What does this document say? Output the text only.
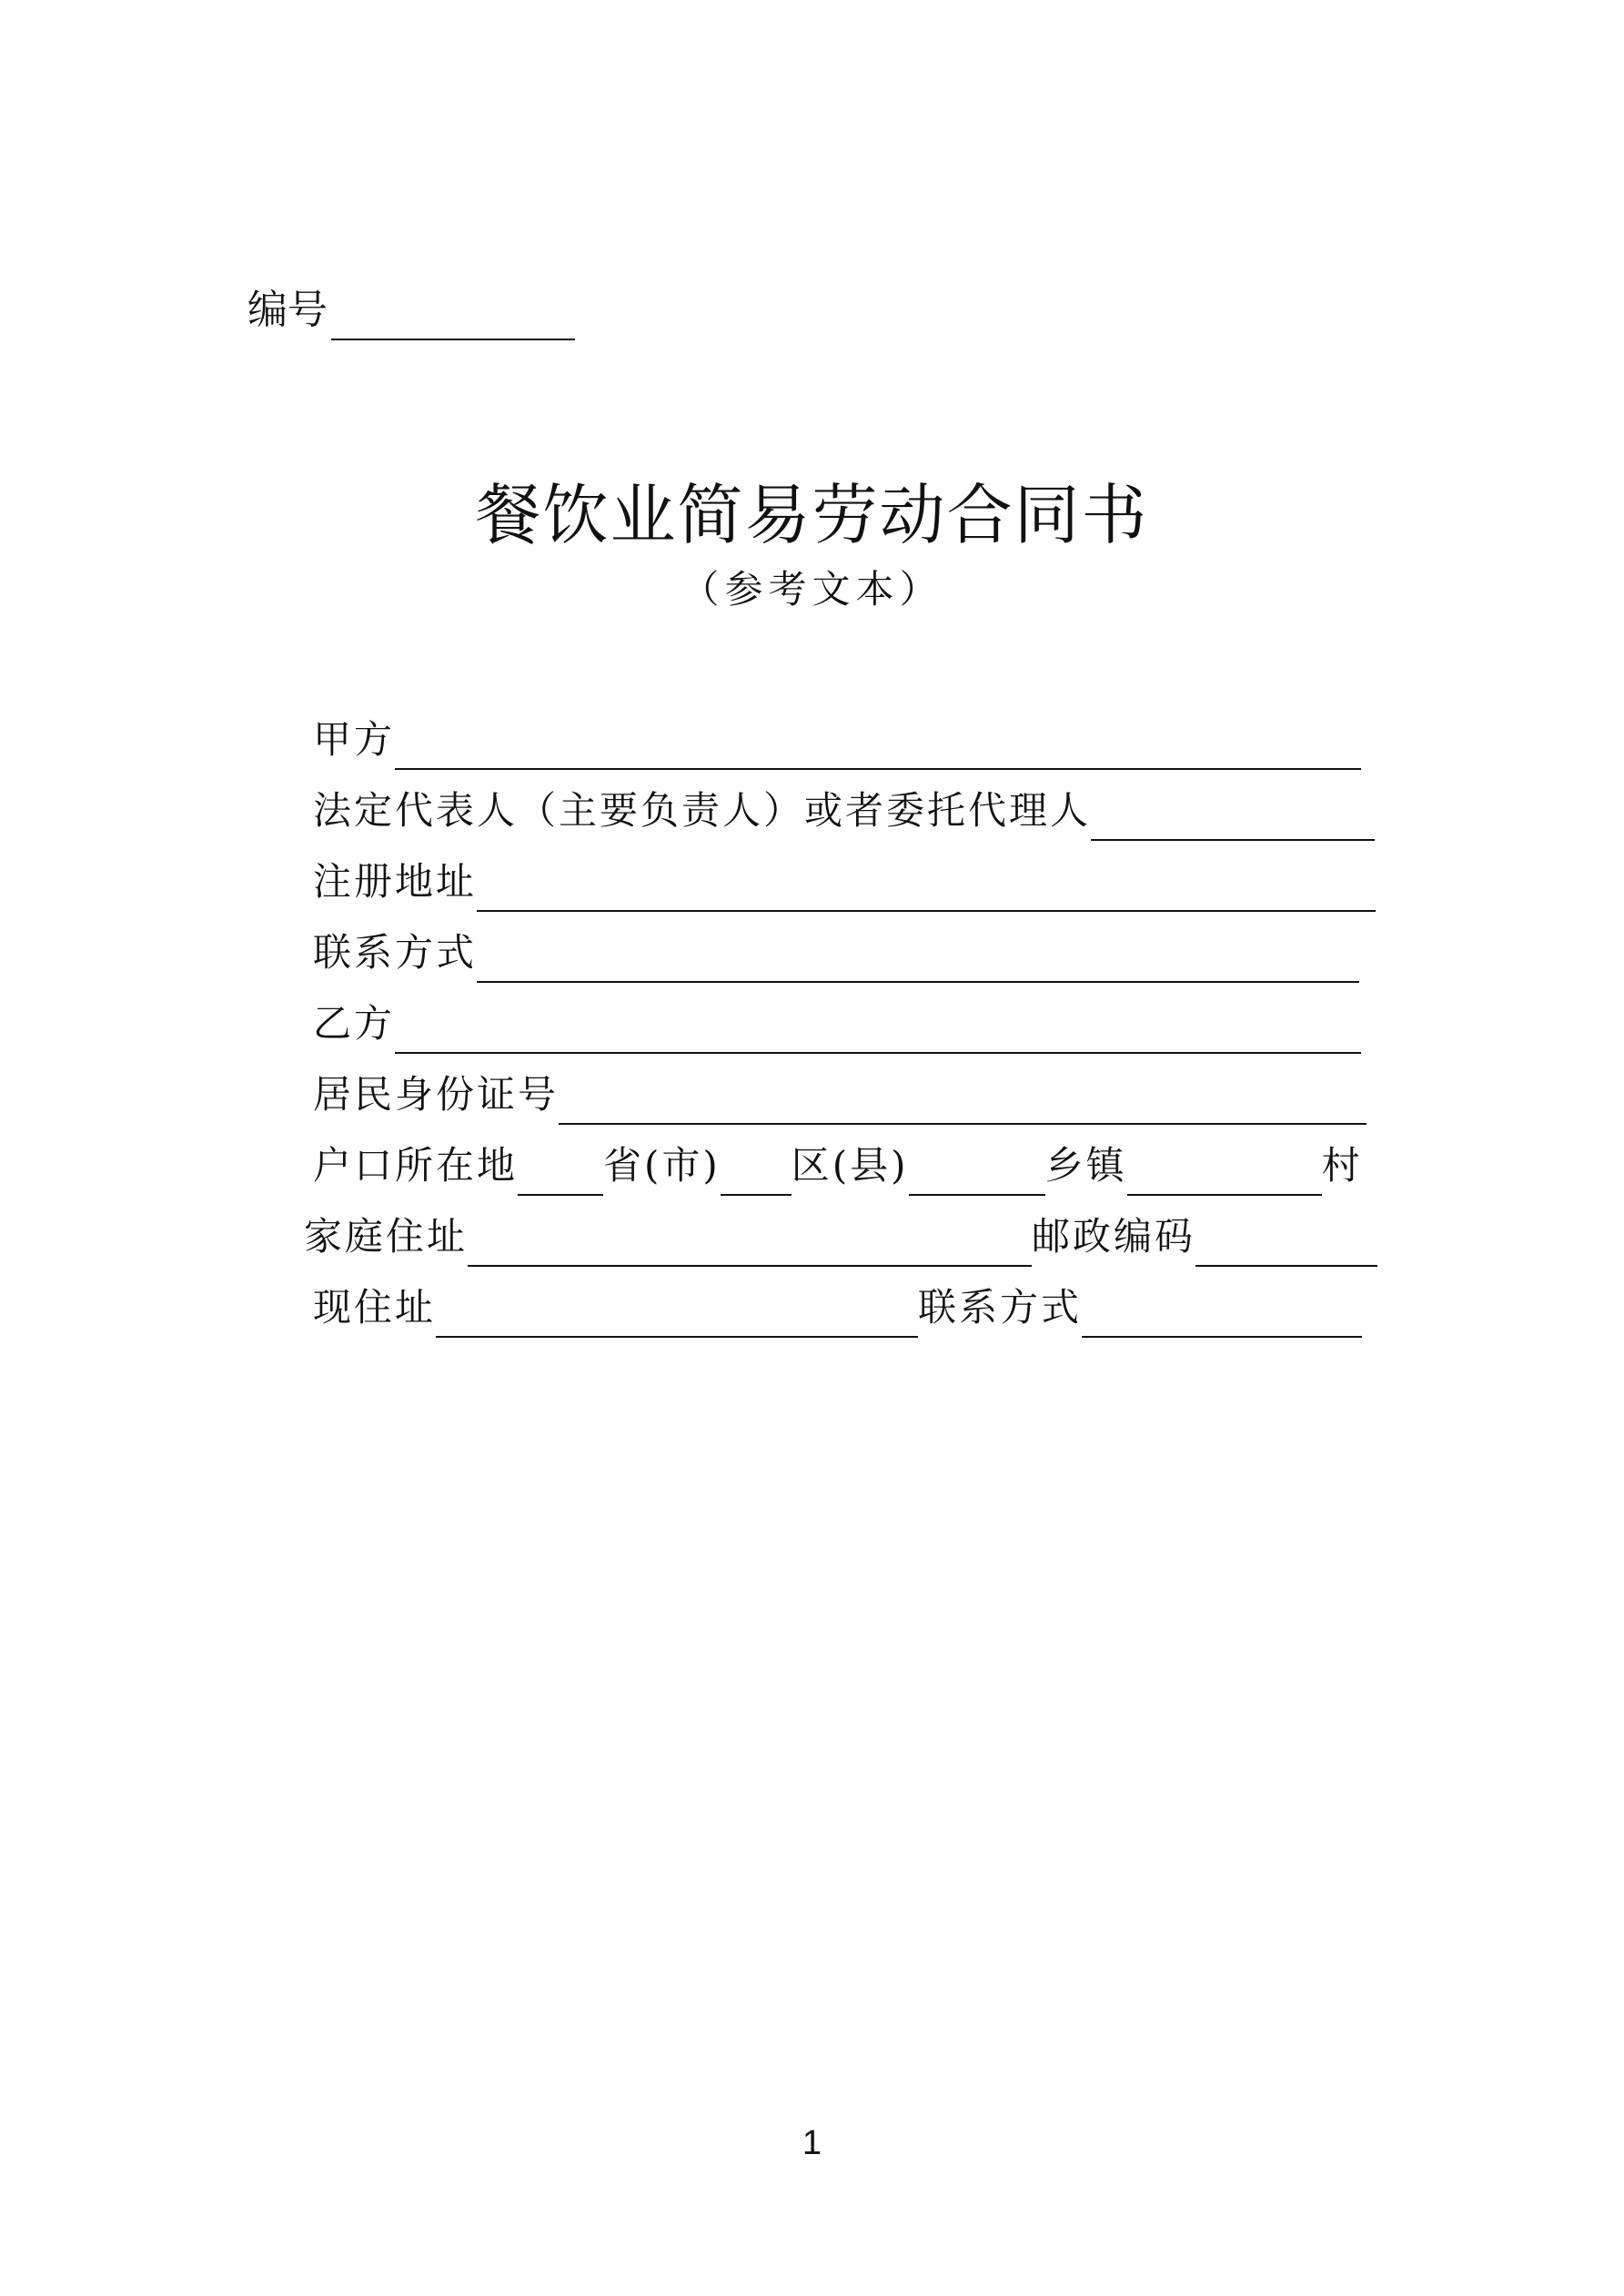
编号
餐饮业简易劳动合同书
（参考文本）
甲方
法定代表人（主要负责人）或者委托代理人
注册地址
联系方式
乙方
居民身份证号
户口所在地 省(市) 区(县)	乡镇	村
家庭住址	邮政编码
现住址	联系方式
1
